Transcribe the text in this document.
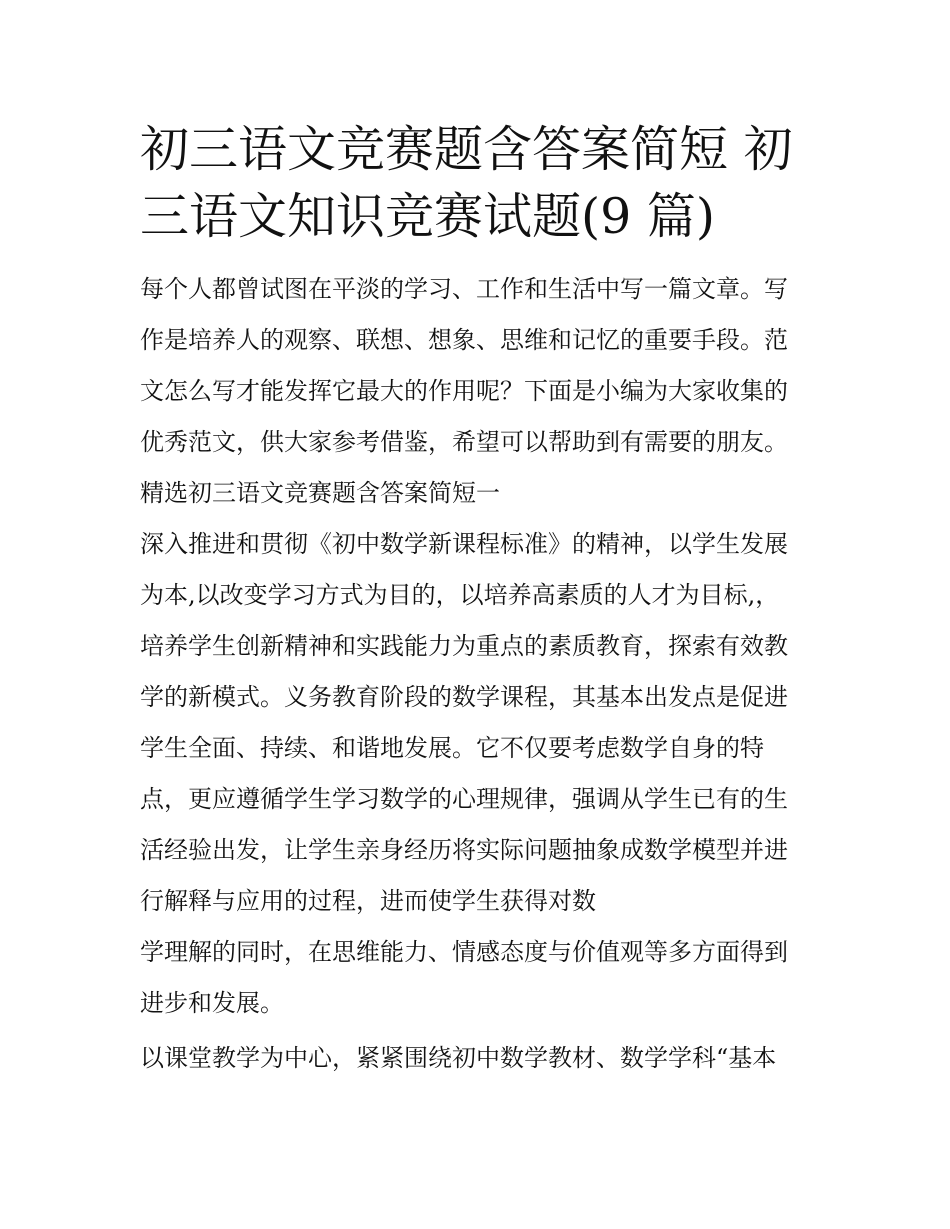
初三语文竞赛题含答案简短 初
三语文知识竞赛试题(9 篇)
每个人都曾试图在平淡的学习、工作和生活中写一篇文章。写
作是培养人的观察、联想、想象、思维和记忆的重要手段。范
文怎么写才能发挥它最大的作用呢？下面是小编为大家收集的
优秀范文，供大家参考借鉴，希望可以帮助到有需要的朋友。
精选初三语文竞赛题含答案简短一
深入推进和贯彻《初中数学新课程标准》的精神，以学生发展
为本,以改变学习方式为目的，以培养高素质的人才为目标,，
培养学生创新精神和实践能力为重点的素质教育，探索有效教
学的新模式。义务教育阶段的数学课程，其基本出发点是促进
学生全面、持续、和谐地发展。它不仅要考虑数学自身的特
点，更应遵循学生学习数学的心理规律，强调从学生已有的生
活经验出发，让学生亲身经历将实际问题抽象成数学模型并进
行解释与应用的过程，进而使学生获得对数
学理解的同时，在思维能力、情感态度与价值观等多方面得到
进步和发展。
以课堂教学为中心，紧紧围绕初中数学教材、数学学科“基本
